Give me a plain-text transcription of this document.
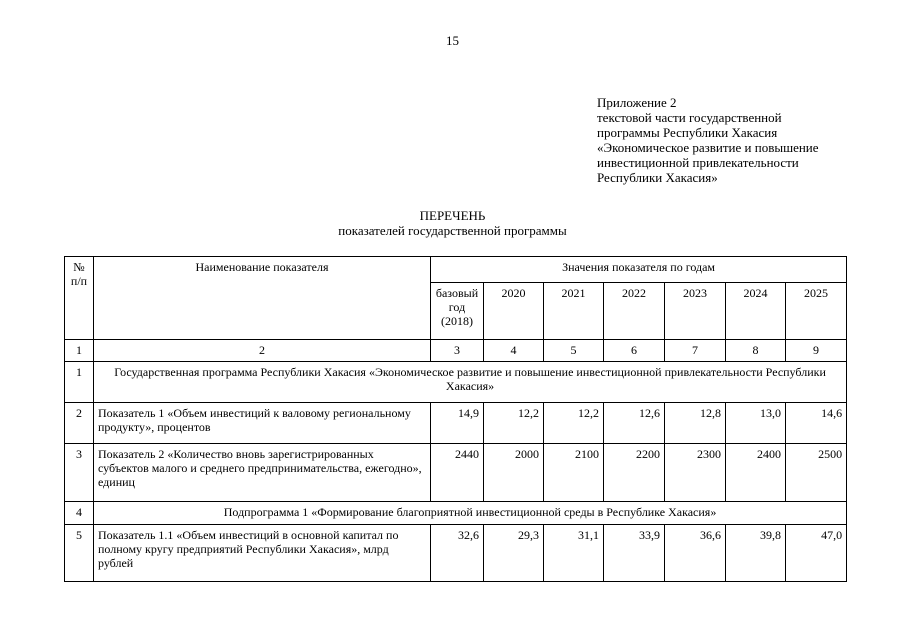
15
Приложение 2
текстовой части государственной
программы Республики Хакасия
«Экономическое развитие и повышение
инвестиционной привлекательности
Республики Хакасия»
ПЕРЕЧЕНЬ
показателей государственной программы
№ п/п	Наименование показателя	Значения показателя по годам						
		базовый год (2018)	2020	2021	2022	2023	2024	2025
1	2	3	4	5	6	7	8	9
1	Государственная программа Республики Хакасия «Экономическое развитие и повышение инвестиционной привлекательности Республики Хакасия»							
2	Показатель 1 «Объем инвестиций к валовому региональному продукту», процентов	14,9	12,2	12,2	12,6	12,8	13,0	14,6
3	Показатель 2 «Количество вновь зарегистрированных субъектов малого и среднего предпринимательства, ежегодно», единиц	2440	2000	2100	2200	2300	2400	2500
4	Подпрограмма 1 «Формирование благоприятной инвестиционной среды в Республике Хакасия»							
5	Показатель 1.1 «Объем инвестиций в основной капитал по полному кругу предприятий Республики Хакасия», млрд рублей	32,6	29,3	31,1	33,9	36,6	39,8	47,0
